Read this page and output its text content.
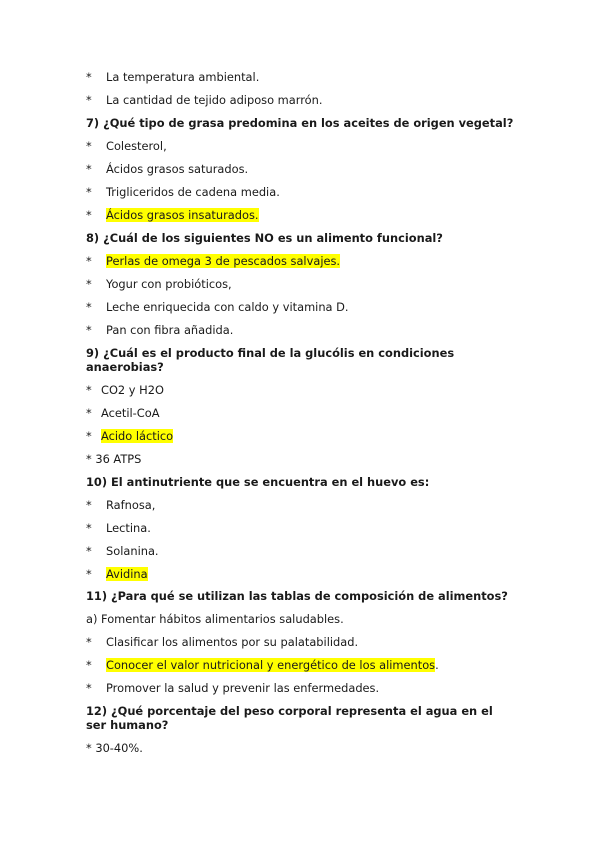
* La temperatura ambiental.
* La cantidad de tejido adiposo marrón.
7) ¿Qué tipo de grasa predomina en los aceites de origen vegetal?
* Colesterol,
* Ácidos grasos saturados.
* Trigliceridos de cadena media.
* Ácidos grasos insaturados.
8) ¿Cuál de los siguientes NO es un alimento funcional?
* Perlas de omega 3 de pescados salvajes.
* Yogur con probióticos,
* Leche enriquecida con caldo y vitamina D.
* Pan con fibra añadida.
9) ¿Cuál es el producto final de la glucólis en condiciones anaerobias?
* CO2 y H2O
* Acetil-CoA
* Acido láctico
* 36 ATPS
10) El antinutriente que se encuentra en el huevo es:
* Rafnosa,
* Lectina.
* Solanina.
* Avidina
11) ¿Para qué se utilizan las tablas de composición de alimentos?
a) Fomentar hábitos alimentarios saludables.
* Clasificar los alimentos por su palatabilidad.
* Conocer el valor nutricional y energético de los alimentos.
* Promover la salud y prevenir las enfermedades.
12) ¿Qué porcentaje del peso corporal representa el agua en el ser humano?
* 30-40%.
